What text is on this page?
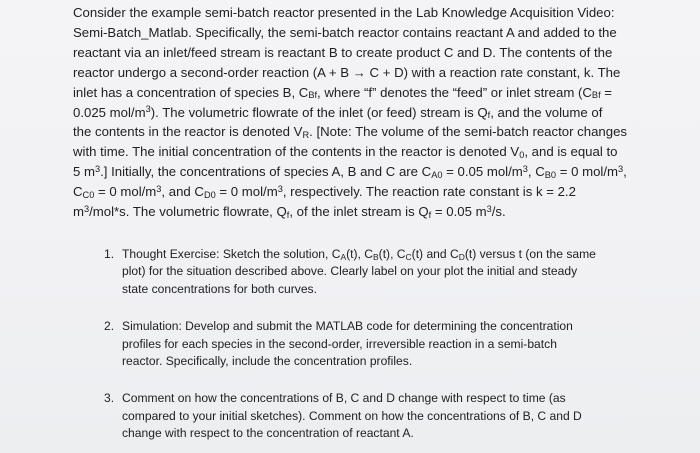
Consider the example semi-batch reactor presented in the Lab Knowledge Acquisition Video:
Semi-Batch_Matlab. Specifically, the semi-batch reactor contains reactant A and added to the
reactant via an inlet/feed stream is reactant B to create product C and D. The contents of the
reactor undergo a second-order reaction (A + B → C + D) with a reaction rate constant, k. The
inlet has a concentration of species B, $C_{Bf}$, where “f” denotes the “feed” or inlet stream ($C_{Bf}$ =
0.025 mol/$m^3$). The volumetric flowrate of the inlet (or feed) stream is $Q_f$, and the volume of
the contents in the reactor is denoted $V_R$. [Note: The volume of the semi-batch reactor changes
with time. The initial concentration of the contents in the reactor is denoted $V_0$, and is equal to
5 $m^3$.] Initially, the concentrations of species A, B and C are $C_{A0} = 0.05$ mol/$m^3$, $C_{B0} = 0$ mol/$m^3$,
$C_{C0} = 0$ mol/$m^3$, and $C_{D0} = 0$ mol/$m^3$, respectively. The reaction rate constant is k = 2.2
$m^3/mol*s$. The volumetric flowrate, $Q_f$, of the inlet stream is $Q_f = 0.05$ $m^3/s$.
1. Thought Exercise: Sketch the solution, $C_A(t)$, $C_B(t)$, $C_C(t)$ and $C_D(t)$ versus t (on the same
plot) for the situation described above. Clearly label on your plot the initial and steady
state concentrations for both curves.
2. Simulation: Develop and submit the MATLAB code for determining the concentration
profiles for each species in the second-order, irreversible reaction in a semi-batch
reactor. Specifically, include the concentration profiles.
3. Comment on how the concentrations of B, C and D change with respect to time (as
compared to your initial sketches). Comment on how the concentrations of B, C and D
change with respect to the concentration of reactant A.
